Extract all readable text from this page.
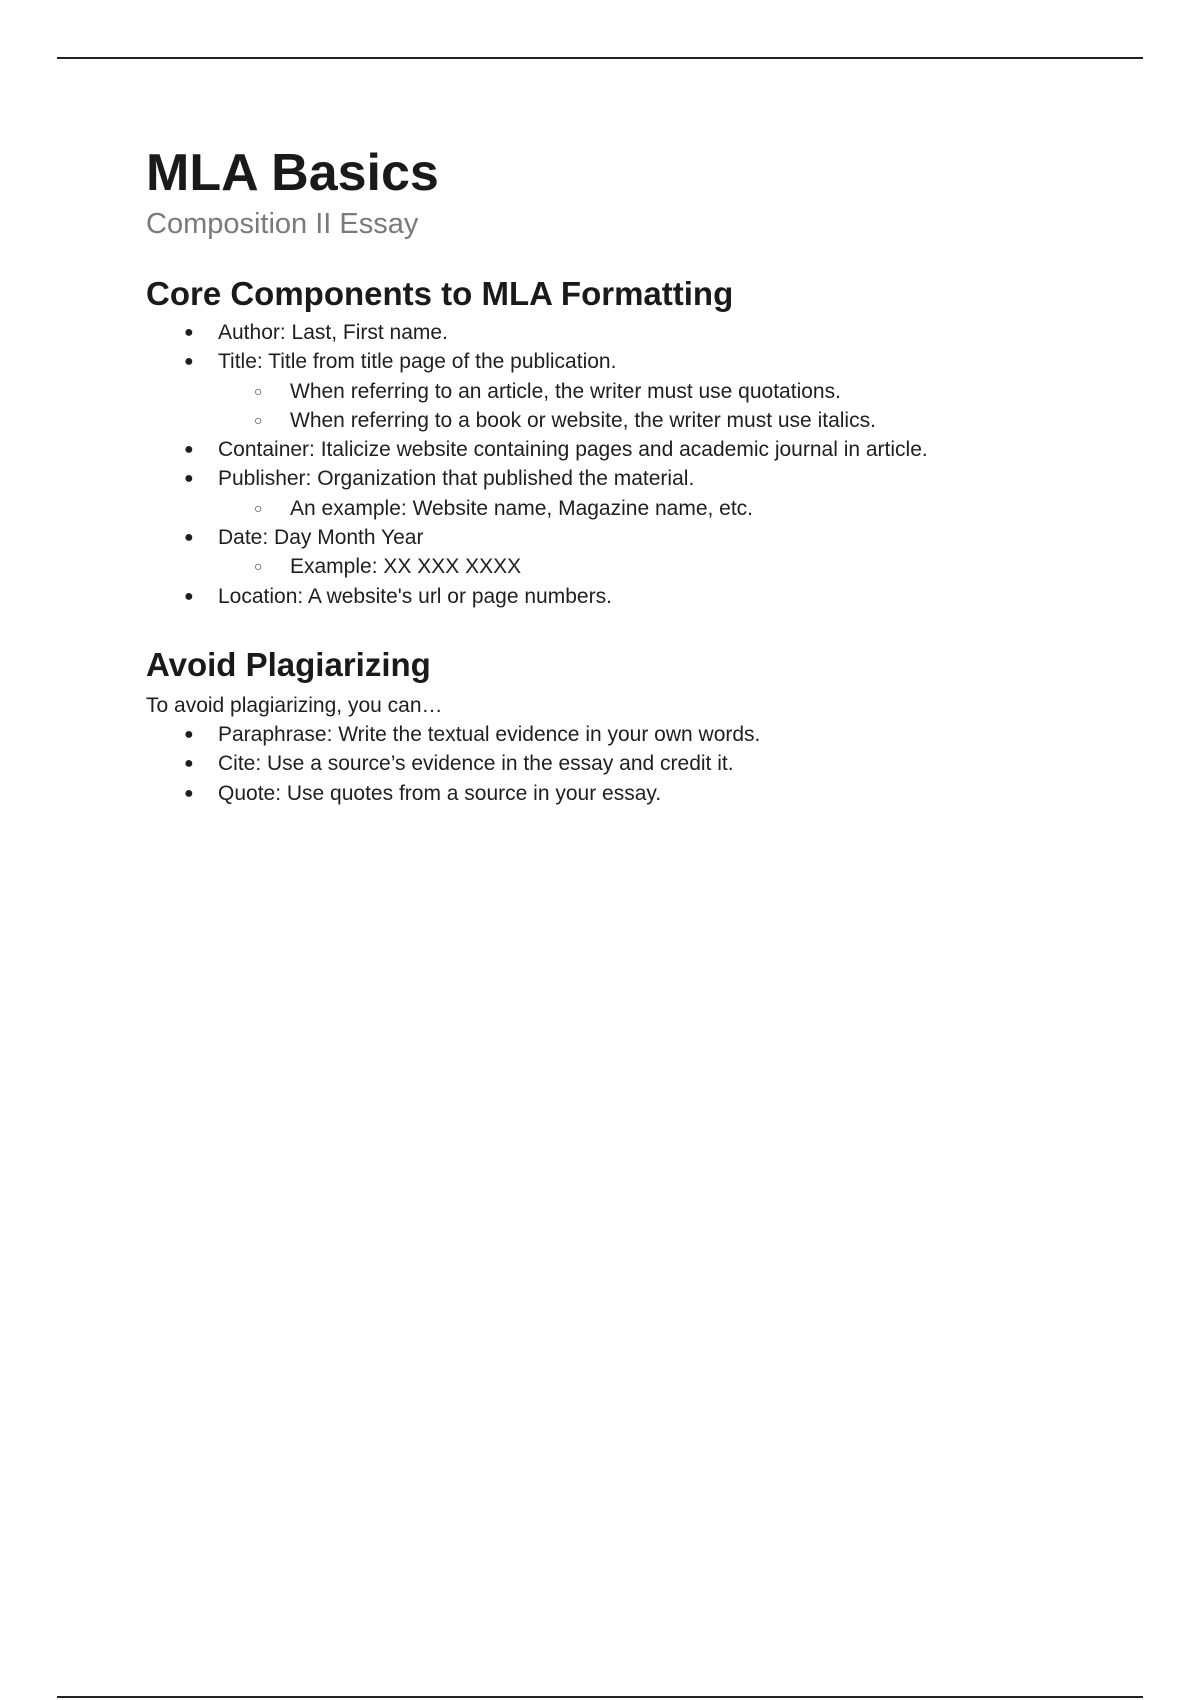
MLA Basics
Composition II Essay
Core Components to MLA Formatting
● Author: Last, First name.
● Title: Title from title page of the publication.
○ When referring to an article, the writer must use quotations.
○ When referring to a book or website, the writer must use italics.
● Container: Italicize website containing pages and academic journal in article.
● Publisher: Organization that published the material.
○ An example: Website name, Magazine name, etc.
● Date: Day Month Year
○ Example: XX XXX XXXX
● Location: A website's url or page numbers.
Avoid Plagiarizing

To avoid plagiarizing, you can…

● Paraphrase: Write the textual evidence in your own words.
● Cite: Use a source’s evidence in the essay and credit it.
● Quote: Use quotes from a source in your essay.
